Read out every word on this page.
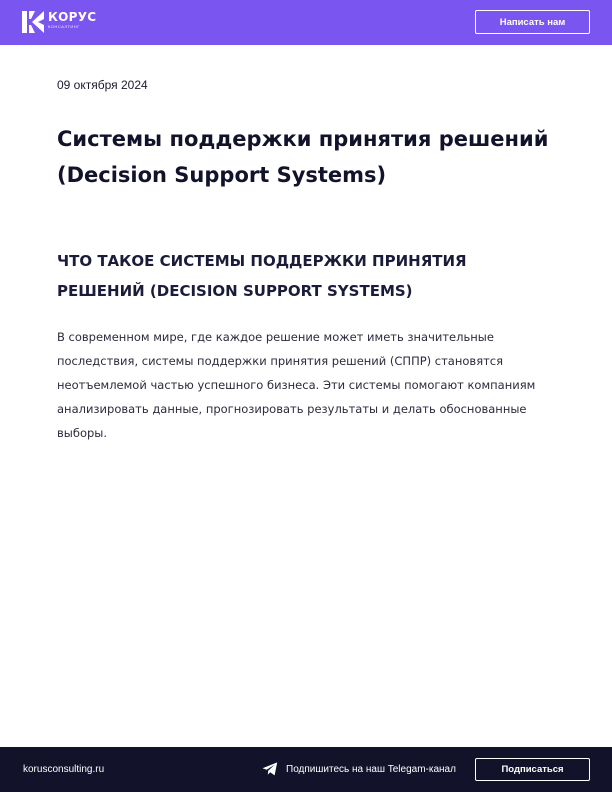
КОРУС
КОНСАЛТИНГ	Написать нам
09 октября 2024
Системы поддержки принятия решений (Decision Support Systems)
ЧТО ТАКОЕ СИСТЕМЫ ПОДДЕРЖКИ ПРИНЯТИЯ РЕШЕНИЙ (DECISION SUPPORT SYSTEMS)

В современном мире, где каждое решение может иметь значительные последствия, системы поддержки принятия решений (СППР) становятся неотъемлемой частью успешного бизнеса. Эти системы помогают компаниям анализировать данные, прогнозировать результаты и делать обоснованные выборы.

korusconsulting.ru	Подпишитесь на наш Telegam-канал	Подписаться
